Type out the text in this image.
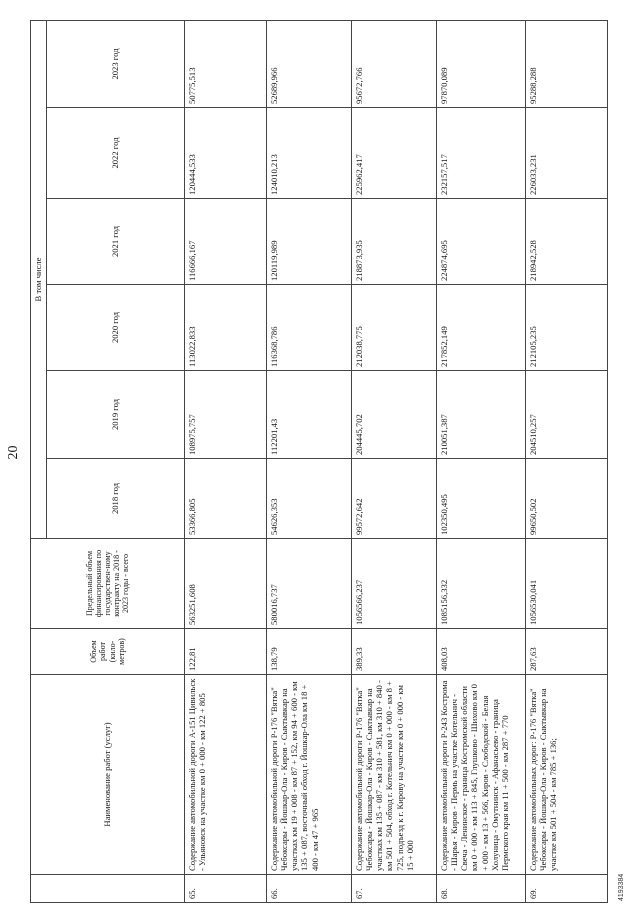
20
	Наименование работ (услуг)	Объем работ (кило-метров)	Предельный объем финансирования по государствен-ному контракту на 2018 - 2023 годы - всего	В том числе					
				2018 год	2019 год	2020 год	2021 год	2022 год	2023 год
65.	Содержание автомобильной дороги А-151 Цивильск - Ульяновск на участке км 0 + 000 - км 122 + 805	122,81	563251,608	53366,805	108975,757	113022,833	116666,167	120444,533	50775,513
66.	Содержание автомобильной дороги Р-176 "Вятка" Чебоксары - Йошкар-Ола - Киров - Сыктывкар на участках км 19 + 008 - км 87 + 152, км 94 + 600 - км 135 + 087, восточный обход г. Йошкар-Ола км 18 + 400 - км 47 + 965	138,79	580016,737	54626,353	112201,43	116368,786	120119,989	124010,213	52689,966
67.	Содержание автомобильной дороги Р-176 "Вятка" Чебоксары - Йошкар-Ола - Киров - Сыктывкар на участках км 135 + 087 - км 310 + 581, км 310 + 840 - км 501 + 504, обход г. Котельнич км 0 + 000 - км 8 + 725, подъезд к г. Кирову на участке км 0 + 000 - км 15 + 000	389,33	1056566,237	99572,642	204445,702	212038,775	218873,935	225962,417	95672,766
68.	Содержание автомобильной дороги Р-243 Кострома - Шарья - Киров - Пермь на участке Котельнич - Свеча - Ленинское - граница Костромской области км 0 + 000 - км 113 + 845, Глушково - Шихово км 0 + 000 - км 13 + 566, Киров - Слободской - Белая Холуница - Омутнинск - Афанасьево - граница Пермского края км 11 + 500 - км 287 + 770	408,03	1085156,332	102350,495	210051,387	217852,149	224874,695	232157,517	97870,089
69.	Содержание автомобильных дорог: Р-176 "Вятка" Чебоксары - Йошкар-Ола - Киров - Сыктывкар на участке км 501 + 504 - км 785 + 136;	287,63	1056530,041	99650,502	204510,257	212105,235	218942,528	226033,231	95288,288
4193384
